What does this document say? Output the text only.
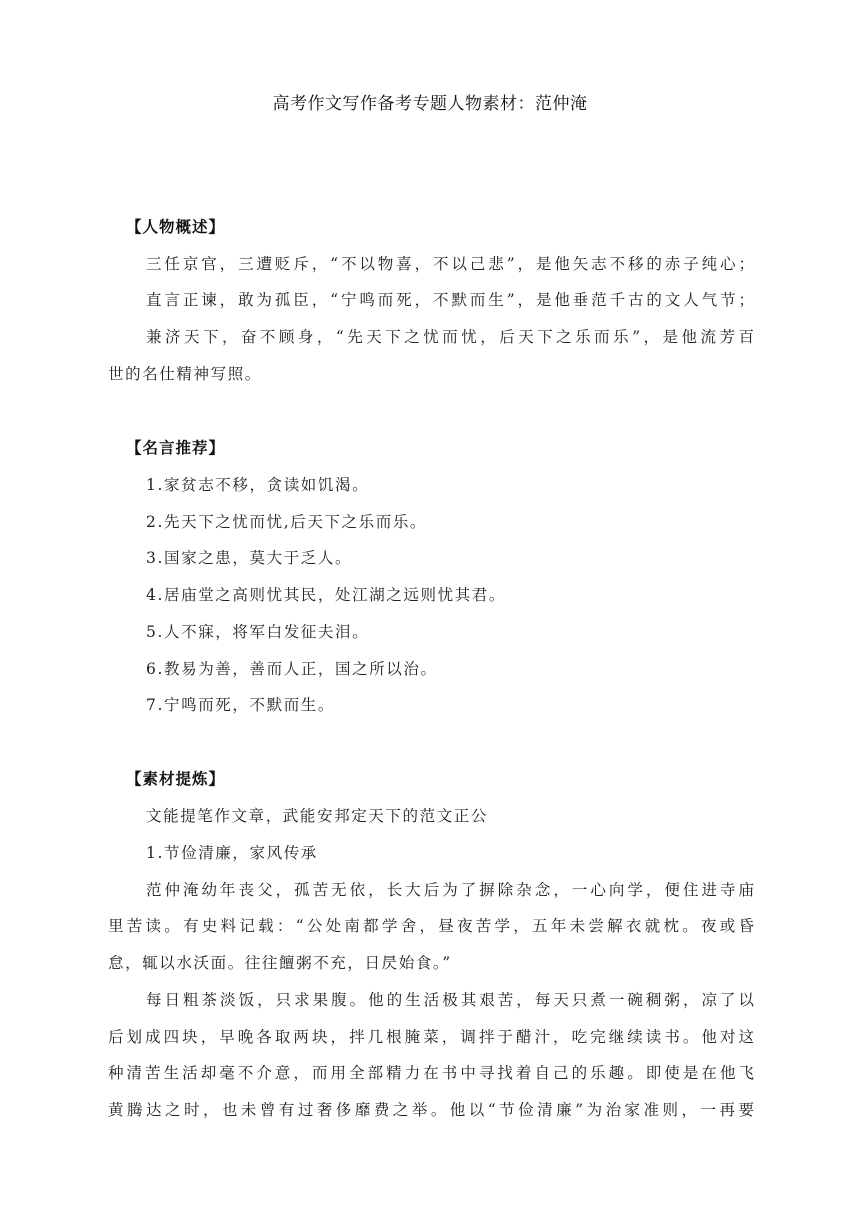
高考作文写作备考专题人物素材：范仲淹
【人物概述】
三任京官，三遭贬斥，“不以物喜，不以己悲”，是他矢志不移的赤子纯心；
直言正谏，敢为孤臣，“宁鸣而死，不默而生”，是他垂范千古的文人气节；
兼济天下，奋不顾身，“先天下之忧而忧，后天下之乐而乐”，是他流芳百
世的名仕精神写照。
【名言推荐】
1.家贫志不移，贪读如饥渴。
2.先天下之忧而忧,后天下之乐而乐。
3.国家之患，莫大于乏人。
4.居庙堂之高则忧其民，处江湖之远则忧其君。
5.人不寐，将军白发征夫泪。
6.教易为善，善而人正，国之所以治。
7.宁鸣而死，不默而生。
【素材提炼】
文能提笔作文章，武能安邦定天下的范文正公
1.节俭清廉，家风传承
范仲淹幼年丧父，孤苦无依，长大后为了摒除杂念，一心向学，便住进寺庙
里苦读。有史料记载：“公处南都学舍，昼夜苦学，五年未尝解衣就枕。夜或昏
怠，辄以水沃面。往往饘粥不充，日昃始食。”
每日粗茶淡饭，只求果腹。他的生活极其艰苦，每天只煮一碗稠粥，凉了以
后划成四块，早晚各取两块，拌几根腌菜，调拌于醋汁，吃完继续读书。他对这
种清苦生活却毫不介意，而用全部精力在书中寻找着自己的乐趣。即使是在他飞
黄腾达之时，也未曾有过奢侈靡费之举。他以“节俭清廉”为治家准则，一再要
